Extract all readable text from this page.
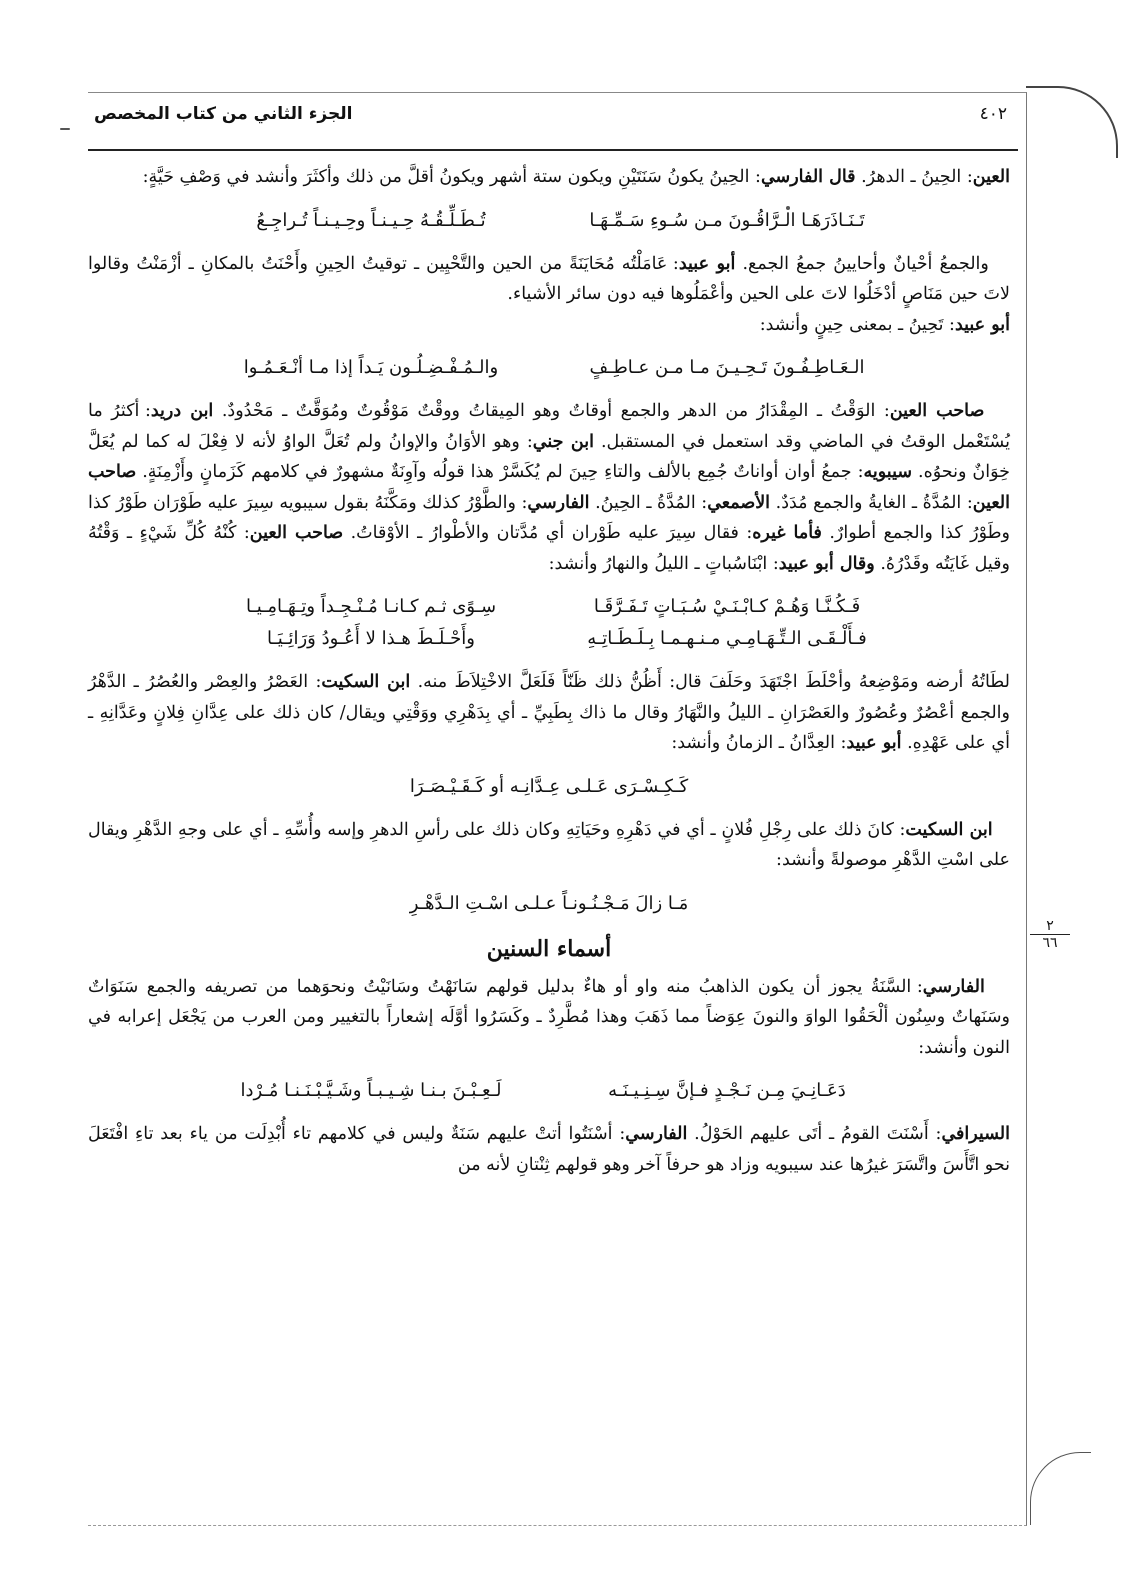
٤٠٢
الجزء الثاني من كتاب المخصص
٢
٦٦

العين: الحِينُ ـ الدهرُ. قال الفارسي: الحِينُ يكونُ سَنَتَيْنِ ويكون ستة أشهر ويكونُ أقلَّ من ذلك وأكثَرَ وأنشد في وَصْفِ حَيَّةٍ:

تَـنَـاذَرَهَـا الـرَّاقُـونَ مـن سُـوءِ سَـمِّـهَـا
تُـطَـلِّـقُـهُ حِـيـنـاً وحِـيـنـاً تُـراجِـعُ

والجمعُ أحْيانٌ وأحايينُ جمعُ الجمع. أبو عبيد: عَامَلْتُه مُحَايَنَةً من الحين والتَّحْيِين ـ توقيتُ الحِينِ وأَحْنَتُ بالمكانِ ـ أزْمَنْتُ وقالوا لاتَ حين مَنَاصٍ أدْخَلُوا لاتَ على الحين وأعْمَلُوها فيه دون سائر الأشياء.

أبو عبيد: تَحِينُ ـ بمعنى حِينٍ وأنشد:

الـعَـاطِـفُـونَ تَـحِـيـنَ مـا مـن عـاطِـفٍ
والـمُـفْـضِـلُـون يَـداً إذا مـا أنْـعَـمُـوا

صاحب العين: الوَقْتُ ـ المِقْدَارُ من الدهر والجمع أوقاتٌ وهو المِيقاتُ ووقْتٌ مَوْقُوتٌ ومُوَقَّتٌ ـ مَحْدُودٌ. ابن دريد: أكثرُ ما يُسْتَعْمل الوقتُ في الماضي وقد استعمل في المستقبل. ابن جني: وهو الأوَانُ والإوانُ ولم تُعَلَّ الواوُ لأنه لا فِعْلَ له كما لم يُعَلَّ خِوَانٌ ونحوُه. سيبويه: جمعُ أوان أواناتٌ جُمِع بالألف والتاءِ حِينَ لم يُكَسَّرْ هذا قولُه وآوِنَةٌ مشهورٌ في كلامهم كَزَمانٍ وأَزْمِنَةٍ. صاحب العين: المُدَّةُ ـ الغايةُ والجمع مُدَدٌ. الأصمعي: المُدَّةُ ـ الحِينُ. الفارسي: والطَّوْرُ كذلك ومَكَّنَهُ بقول سيبويه سِيرَ عليه طَوْرَان طَوْرُ كذا وطَوْرُ كذا والجمع أطوارٌ. فأما غيره: فقال سِيرَ عليه طَوْران أي مُدَّتان والأطْوارُ ـ الأوْقاتُ. صاحب العين: كُنْهُ كُلِّ شَيْءٍ ـ وَقْتُهُ وقيل غَايَتُه وقَدْرُهُ. وقال أبو عبيد: ابْنَاسُباتٍ ـ الليلُ والنهارُ وأنشد:

فَـكُـنَّـا وَهُـمْ كـابْـنَـيْ سُـبَـاتٍ تَـفَـرَّقَـا
سِـوًى ثـم كـانـا مُـنْـجِـداً وتِـهَـامِـيـا
فـأَلْـقَـى الـتِّـهَـامِـي مـنـهـمـا بِـلَـطَـاتِـهِ
وأَحْـلَـطَ هـذا لا أَعُـودُ وَرَائِـيَـا

لطَاتُهُ أرضه ومَوْضِعهُ وأحْلَطَ اجْتَهَدَ وحَلَفَ قال: أَظُنُّ ذلك ظَنّاً فَلَعَلَّ الاخْتِلاَطَ منه. ابن السكيت: العَصْرُ والعِصْر والعُصُرُ ـ الدَّهْرُ والجمع أعْصُرٌ وعُصُورٌ والعَصْرَانِ ـ الليلُ والنَّهَارُ وقال ما ذاك بِطَبِيِّ ـ أي بِدَهْرِي ووَقْتِي ويقال/ كان ذلك على عِدَّانِ فِلانٍ وعَدَّانِهِ ـ أي على عَهْدِهِ. أبو عبيد: العِدَّانُ ـ الزمانُ وأنشد:

كَـكِـسْـرَى عَـلـى عِـدَّانِـه أو كَـقَـيْـصَـرَا

ابن السكيت: كانَ ذلك على رِجْلِ فُلانٍ ـ أي في دَهْرِهِ وحَيَاتِهِ وكان ذلك على رأسِ الدهرِ وإسه وأُسِّهِ ـ أي على وجهِ الدَّهْرِ ويقال على اسْتِ الدَّهْرِ موصولةً وأنشد:

مَـا زالَ مَـجْـنُـونـاً عـلـى اسْـتِ الـدَّهْـرِ
أسماء السنين

الفارسي: السَّنَةُ يجوز أن يكون الذاهبُ منه واو أو هاءٌ بدليل قولهم سَانَهْتُ وسَانَيْتُ ونحوَهما من تصريفه والجمع سَنَوَاتٌ وسَنَهاتٌ وسِنُون ألْحَقُوا الواوَ والنونَ عِوَضاً مما ذَهَبَ وهذا مُطَّرِدٌ ـ وكَسَرُوا أوَّلَه إشعاراً بالتغيير ومن العرب من يَجْعَل إعرابه في النون وأنشد:

دَعَـانِـيَ مِـن نَـجْـدٍ فـإنَّ سِـنِـيـنَـه
لَـعِـبْـنَ بـنـا شِـيـبـاً وشَـيَّـبْـنَـنـا مُـرْدا

السيرافي: أَسْنَتَ القومُ ـ أتَى عليهم الحَوْلُ. الفارسي: أسْنَتُوا أتتْ عليهم سَنَةٌ وليس في كلامهم تاء أُبْدِلَت من ياء بعد تاءِ افْتَعَلَ نحو اتَّأَسَ واتَّسَرَ غيرُها عند سيبويه وزاد هو حرفاً آخر وهو قولهم ثِنْتانِ لأنه من
